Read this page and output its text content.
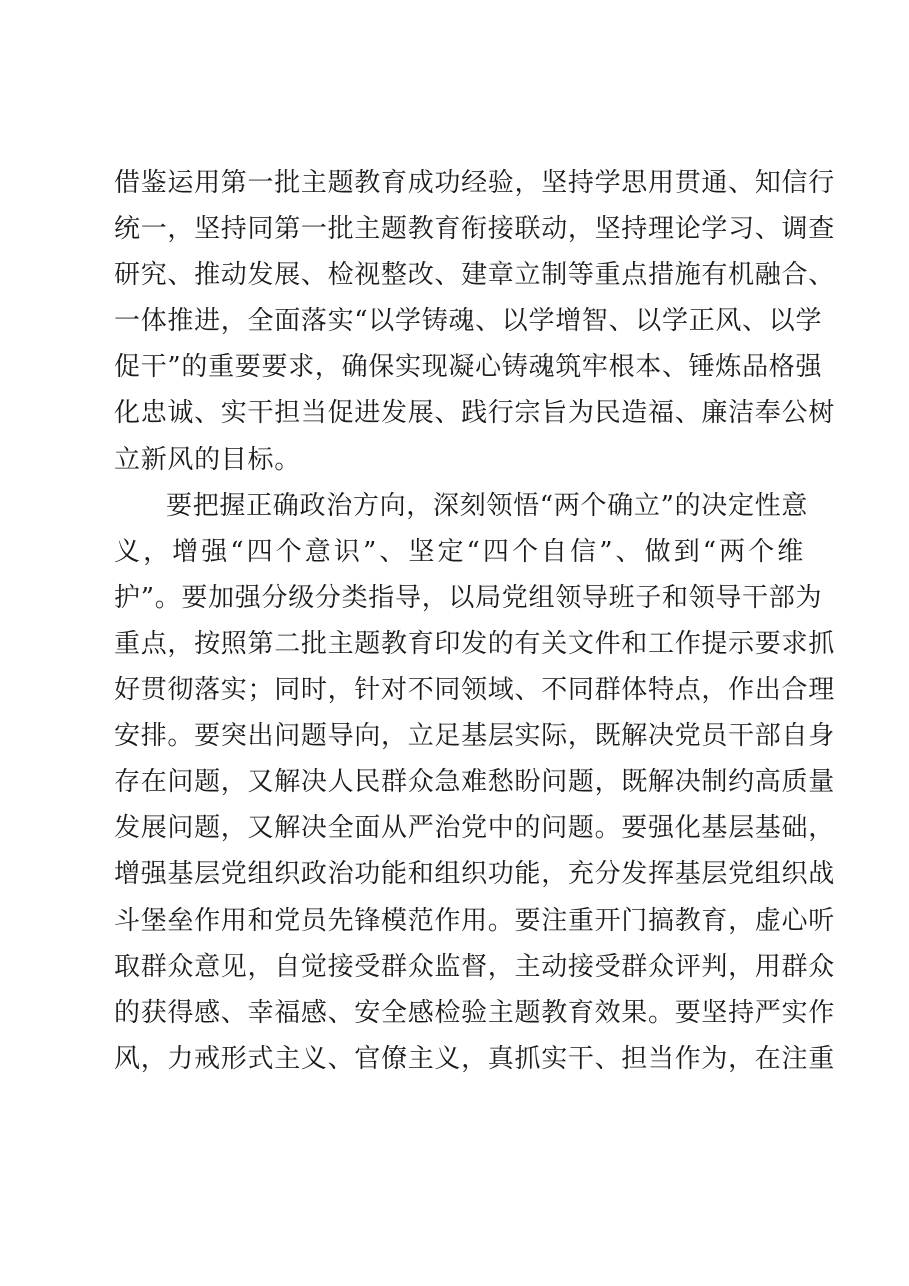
借鉴运用第一批主题教育成功经验，坚持学思用贯通、知信行
统一，坚持同第一批主题教育衔接联动，坚持理论学习、调查
研究、推动发展、检视整改、建章立制等重点措施有机融合、
一体推进，全面落实“以学铸魂、以学增智、以学正风、以学
促干”的重要要求，确保实现凝心铸魂筑牢根本、锤炼品格强
化忠诚、实干担当促进发展、践行宗旨为民造福、廉洁奉公树
立新风的目标。
要把握正确政治方向，深刻领悟“两个确立”的决定性意
义，增强“四个意识”、坚定“四个自信”、做到“两个维
护”。要加强分级分类指导，以局党组领导班子和领导干部为
重点，按照第二批主题教育印发的有关文件和工作提示要求抓
好贯彻落实；同时，针对不同领域、不同群体特点，作出合理
安排。要突出问题导向，立足基层实际，既解决党员干部自身
存在问题，又解决人民群众急难愁盼问题，既解决制约高质量
发展问题，又解决全面从严治党中的问题。要强化基层基础，
增强基层党组织政治功能和组织功能，充分发挥基层党组织战
斗堡垒作用和党员先锋模范作用。要注重开门搞教育，虚心听
取群众意见，自觉接受群众监督，主动接受群众评判，用群众
的获得感、幸福感、安全感检验主题教育效果。要坚持严实作
风，力戒形式主义、官僚主义，真抓实干、担当作为，在注重
